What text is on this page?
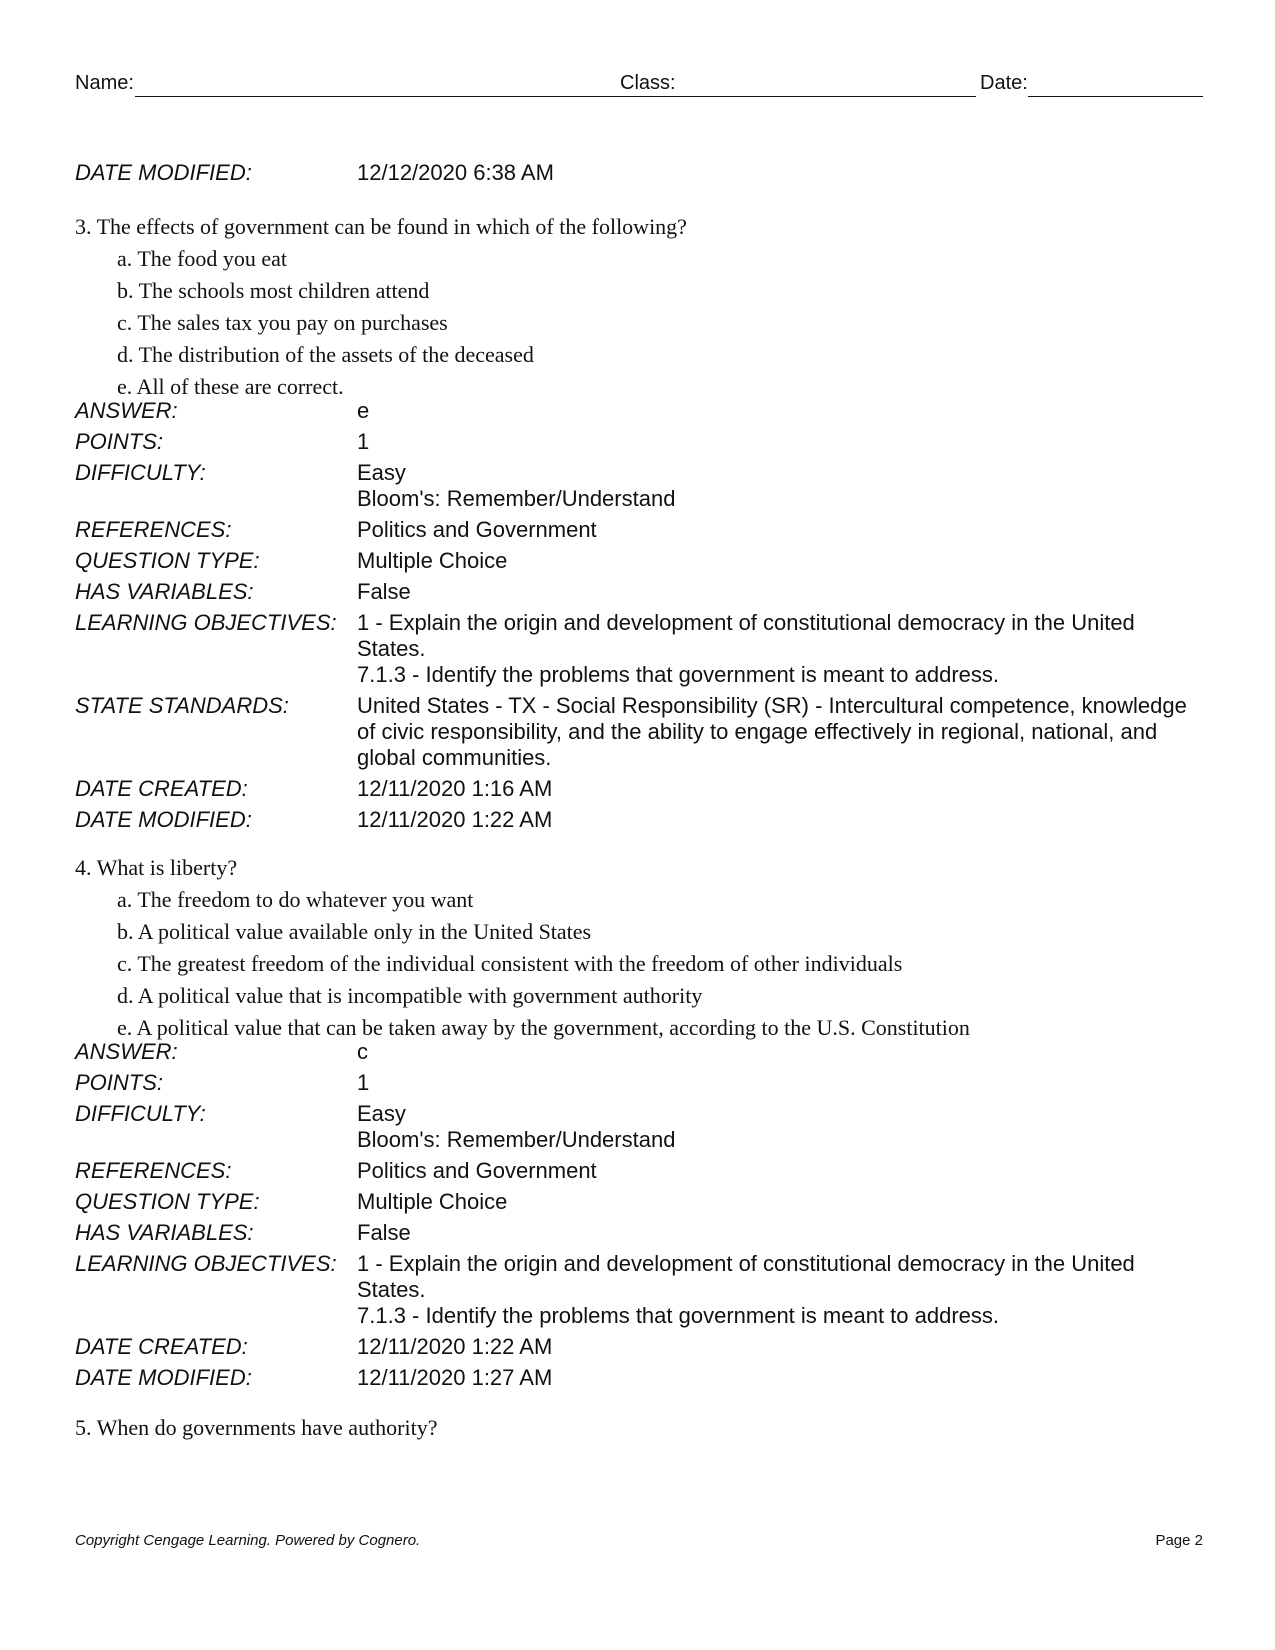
Name:	Class:	Date:
DATE MODIFIED:	12/12/2020 6:38 AM
3. The effects of government can be found in which of the following?
a. The food you eat
b. The schools most children attend
c. The sales tax you pay on purchases
d. The distribution of the assets of the deceased
e. All of these are correct.
ANSWER:	e
POINTS:	1
DIFFICULTY:	Easy
Bloom's: Remember/Understand
REFERENCES:	Politics and Government
QUESTION TYPE:	Multiple Choice
HAS VARIABLES:	False
LEARNING OBJECTIVES: 1 - Explain the origin and development of constitutional democracy in the United States.
7.1.3 - Identify the problems that government is meant to address.
STATE STANDARDS:	United States - TX - Social Responsibility (SR) - Intercultural competence, knowledge of civic responsibility, and the ability to engage effectively in regional, national, and global communities.
DATE CREATED:	12/11/2020 1:16 AM
DATE MODIFIED:	12/11/2020 1:22 AM
4. What is liberty?
a. The freedom to do whatever you want
b. A political value available only in the United States
c. The greatest freedom of the individual consistent with the freedom of other individuals
d. A political value that is incompatible with government authority
e. A political value that can be taken away by the government, according to the U.S. Constitution
ANSWER:	c
POINTS:	1
DIFFICULTY:	Easy
Bloom's: Remember/Understand
REFERENCES:	Politics and Government
QUESTION TYPE:	Multiple Choice
HAS VARIABLES:	False
LEARNING OBJECTIVES: 1 - Explain the origin and development of constitutional democracy in the United States.
7.1.3 - Identify the problems that government is meant to address.
DATE CREATED:	12/11/2020 1:22 AM
DATE MODIFIED:	12/11/2020 1:27 AM
5. When do governments have authority?
Copyright Cengage Learning. Powered by Cognero.	Page 2
